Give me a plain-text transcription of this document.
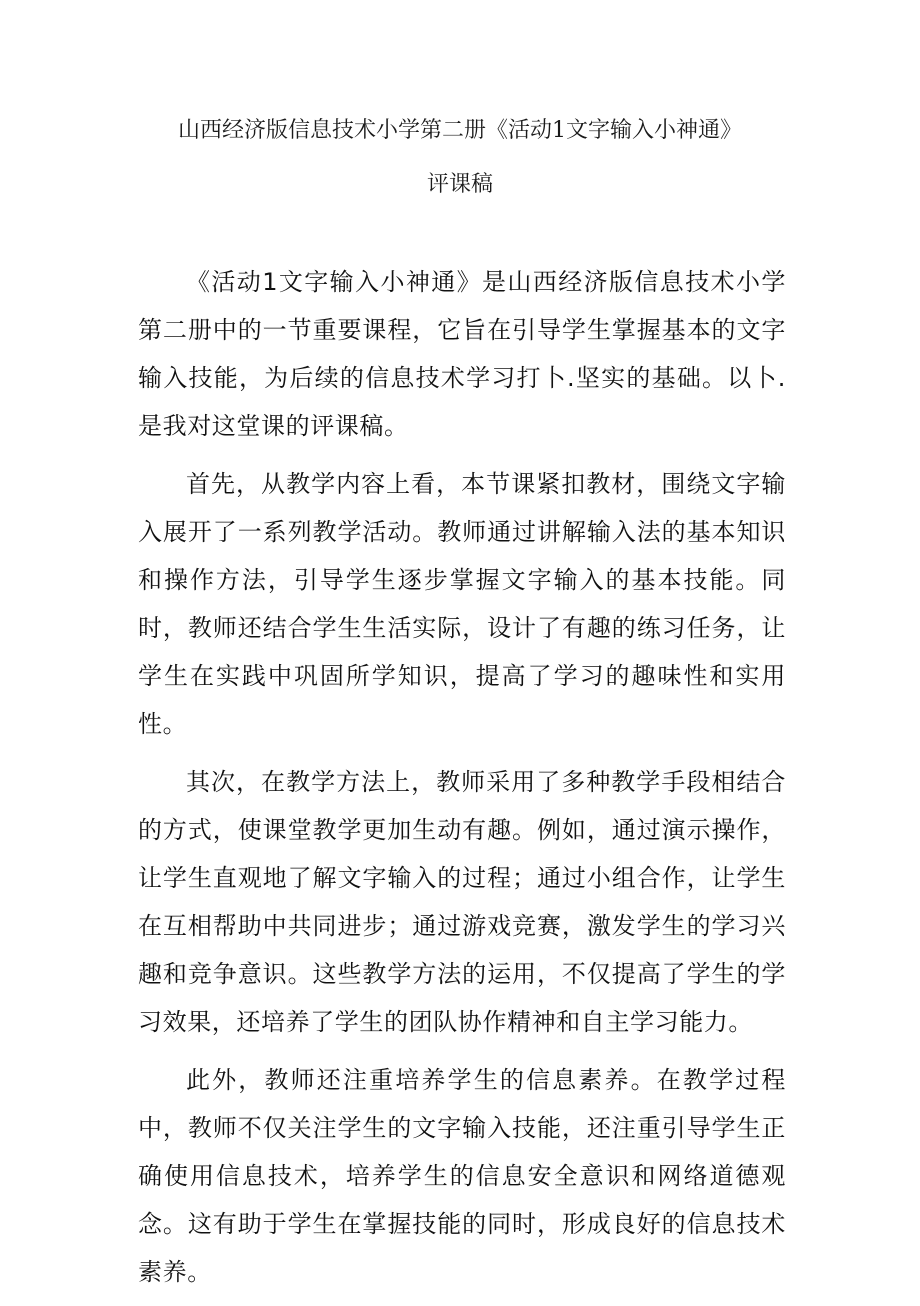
山西经济版信息技术小学第二册《活动1文字输入小神通》
评课稿

《活动1文字输入小神通》是山西经济版信息技术小学第二册中的一节重要课程，它旨在引导学生掌握基本的文字输入技能，为后续的信息技术学习打卜.坚实的基础。以卜.是我对这堂课的评课稿。

首先，从教学内容上看，本节课紧扣教材，围绕文字输入展开了一系列教学活动。教师通过讲解输入法的基本知识和操作方法，引导学生逐步掌握文字输入的基本技能。同时，教师还结合学生生活实际，设计了有趣的练习任务，让学生在实践中巩固所学知识，提高了学习的趣味性和实用性。

其次，在教学方法上，教师采用了多种教学手段相结合的方式，使课堂教学更加生动有趣。例如，通过演示操作，让学生直观地了解文字输入的过程；通过小组合作，让学生在互相帮助中共同进步；通过游戏竞赛，激发学生的学习兴趣和竞争意识。这些教学方法的运用，不仅提高了学生的学习效果，还培养了学生的团队协作精神和自主学习能力。

此外，教师还注重培养学生的信息素养。在教学过程中，教师不仅关注学生的文字输入技能，还注重引导学生正确使用信息技术，培养学生的信息安全意识和网络道德观念。这有助于学生在掌握技能的同时，形成良好的信息技术素养。
